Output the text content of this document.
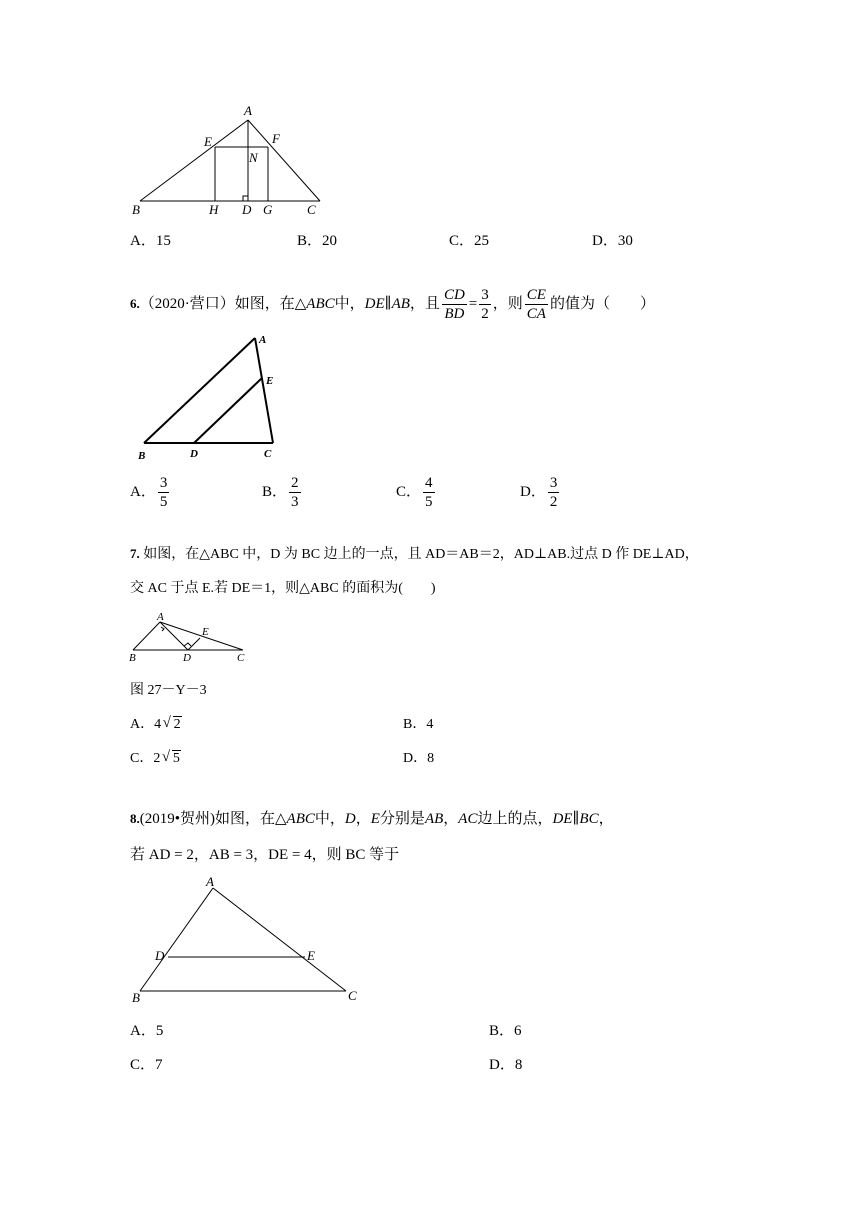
A
E	F
N
B	H D G	C
A．15	B．20	C．25	D．30
6.（2020·营口）如图，在△ABC中，DE∥AB，且 $\frac{CD}{BD} = \frac{3}{2}$ ，则 $\frac{CE}{CA}$ 的值为（　　）
A
E
B	D	C
A． $\frac{3}{5}$	B． $\frac{2}{3}$	C． $\frac{4}{5}$	D． $\frac{3}{2}$
7. 如图，在△ABC 中，D 为 BC 边上的一点，且 AD＝AB＝2，AD⊥AB.过点 D 作 DE⊥AD，
交 AC 于点 E.若 DE＝1，则△ABC 的面积为(　　)
A
E
B	D	C
图 27－Y－3
A．4 √ 2	B．4
C．2 √ 5	D．8
8.(2019•贺州)如图，在△ABC中，D，E分别是AB，AC边上的点，DE∥BC，
若 AD = 2，AB = 3，DE = 4，则 BC 等于
A
D	E
B	C
A．5	B．6
C．7	D．8
